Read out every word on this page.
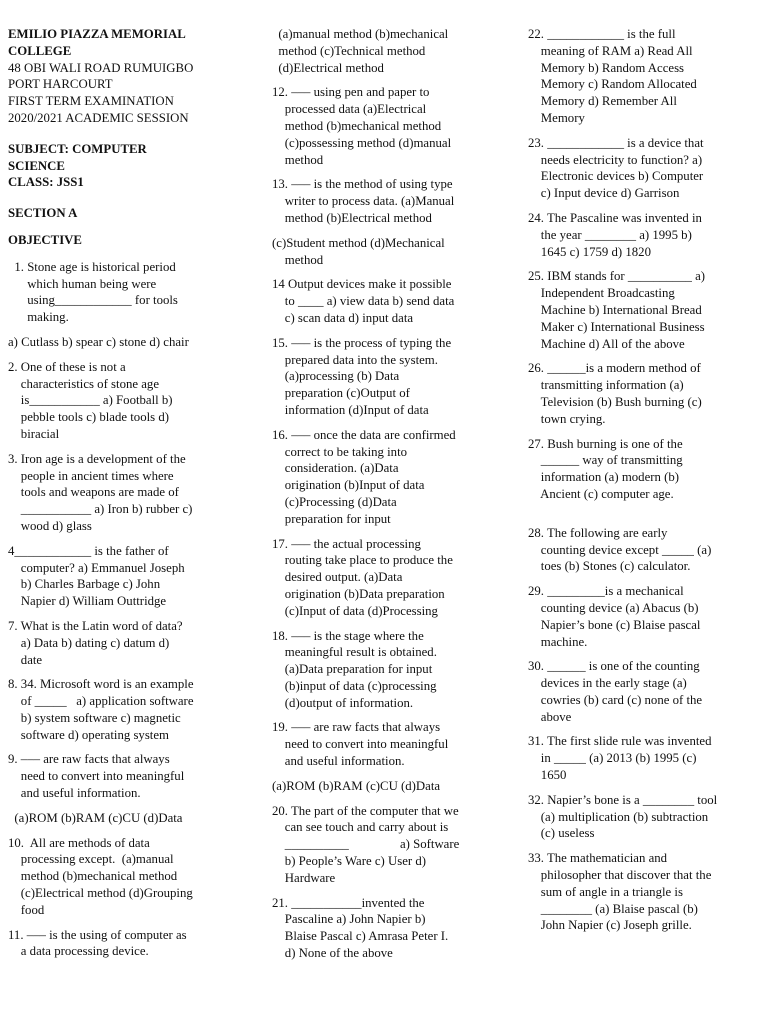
EMILIO PIAZZA MEMORIAL
COLLEGE
48 OBI WALI ROAD RUMUIGBO
PORT HARCOURT
FIRST TERM EXAMINATION
2020/2021 ACADEMIC SESSION
SUBJECT: COMPUTER
SCIENCE
CLASS: JSS1
SECTION A
OBJECTIVE
1. Stone age is historical period
which human being were
using____________ for tools
making.
a) Cutlass b) spear c) stone d) chair
2. One of these is not a
characteristics of stone age
is___________ a) Football b)
pebble tools c) blade tools d)
biracial
3. Iron age is a development of the
people in ancient times where
tools and weapons are made of
___________ a) Iron b) rubber c)
wood d) glass
4____________ is the father of
computer? a) Emmanuel Joseph
b) Charles Barbage c) John
Napier d) William Outtridge
7. What is the Latin word of data?
a) Data b) dating c) datum d)
date
8. 34. Microsoft word is an example
of _____   a) application software
b) system software c) magnetic
software d) operating system
9. ––– are raw facts that always
need to convert into meaningful
and useful information.
(a)ROM (b)RAM (c)CU (d)Data
10.  All are methods of data
processing except.  (a)manual
method (b)mechanical method
(c)Electrical method (d)Grouping
food
11. ––– is the using of computer as
a data processing device.
(a)manual method (b)mechanical
method (c)Technical method
(d)Electrical method
12. ––– using pen and paper to
processed data (a)Electrical
method (b)mechanical method
(c)possessing method (d)manual
method
13. ––– is the method of using type
writer to process data. (a)Manual
method (b)Electrical method
(c)Student method (d)Mechanical
method
14 Output devices make it possible
to ____ a) view data b) send data
c) scan data d) input data
15. ––– is the process of typing the
prepared data into the system.
(a)processing (b) Data
preparation (c)Output of
information (d)Input of data
16. ––– once the data are confirmed
correct to be taking into
consideration. (a)Data
origination (b)Input of data
(c)Processing (d)Data
preparation for input
17. ––– the actual processing
routing take place to produce the
desired output. (a)Data
origination (b)Data preparation
(c)Input of data (d)Processing
18. ––– is the stage where the
meaningful result is obtained.
(a)Data preparation for input
(b)input of data (c)processing
(d)output of information.
19. ––– are raw facts that always
need to convert into meaningful
and useful information.
(a)ROM (b)RAM (c)CU (d)Data
20. The part of the computer that we
can see touch and carry about is
__________                a) Software
b) People’s Ware c) User d)
Hardware
21. ___________invented the
Pascaline a) John Napier b)
Blaise Pascal c) Amrasa Peter I.
d) None of the above
22. ____________ is the full
meaning of RAM a) Read All
Memory b) Random Access
Memory c) Random Allocated
Memory d) Remember All
Memory
23. ____________ is a device that
needs electricity to function? a)
Electronic devices b) Computer
c) Input device d) Garrison
24. The Pascaline was invented in
the year ________ a) 1995 b)
1645 c) 1759 d) 1820
25. IBM stands for __________ a)
Independent Broadcasting
Machine b) International Bread
Maker c) International Business
Machine d) All of the above
26. ______is a modern method of
transmitting information (a)
Television (b) Bush burning (c)
town crying.
27. Bush burning is one of the
______ way of transmitting
information (a) modern (b)
Ancient (c) computer age.
28. The following are early
counting device except _____ (a)
toes (b) Stones (c) calculator.
29. _________is a mechanical
counting device (a) Abacus (b)
Napier’s bone (c) Blaise pascal
machine.
30. ______ is one of the counting
devices in the early stage (a)
cowries (b) card (c) none of the
above
31. The first slide rule was invented
in _____ (a) 2013 (b) 1995 (c)
1650
32. Napier’s bone is a ________ tool
(a) multiplication (b) subtraction
(c) useless
33. The mathematician and
philosopher that discover that the
sum of angle in a triangle is
________ (a) Blaise pascal (b)
John Napier (c) Joseph grille.
